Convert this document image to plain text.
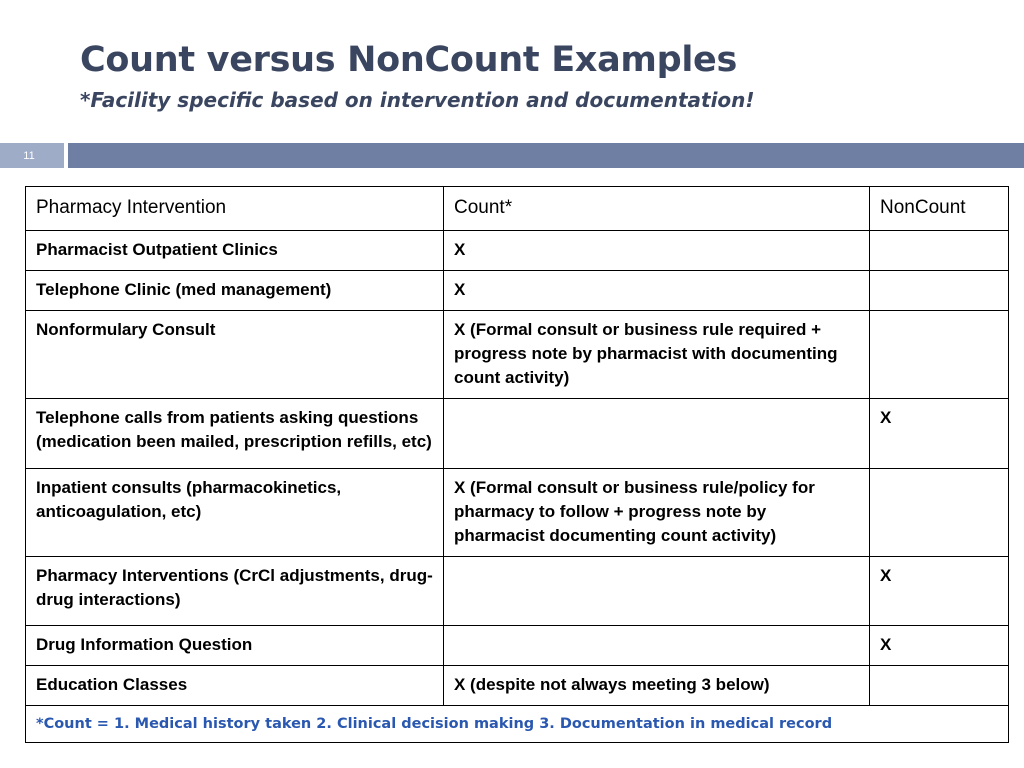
Count versus NonCount Examples
*Facility specific based on intervention and documentation!
11
Pharmacy Intervention	Count*	NonCount
Pharmacist Outpatient Clinics	X	
Telephone Clinic (med management)	X	
Nonformulary Consult	X (Formal consult or business rule required + progress note by pharmacist with documenting count activity)	
Telephone calls from patients asking questions (medication been mailed, prescription refills, etc)		X
Inpatient consults (pharmacokinetics, anticoagulation, etc)	X (Formal consult or business rule/policy for pharmacy to follow + progress note by pharmacist documenting count activity)	
Pharmacy Interventions (CrCl adjustments, drug-drug interactions)		X
Drug Information Question		X
Education Classes	X (despite not always meeting 3 below)	
*Count = 1. Medical history taken 2. Clinical decision making 3. Documentation in medical record		
